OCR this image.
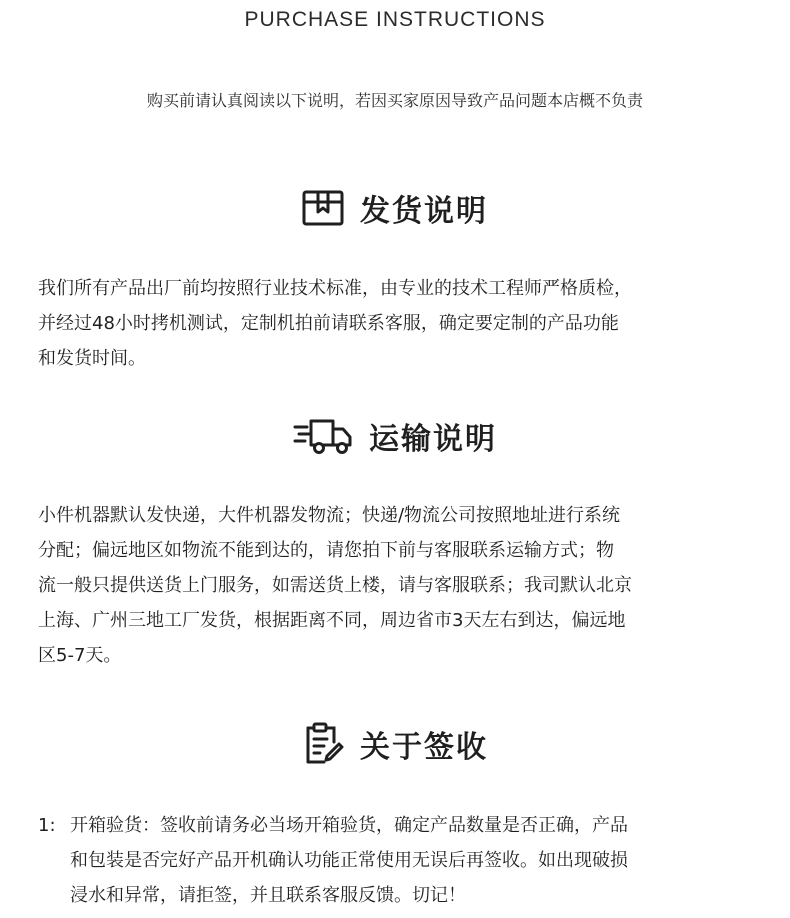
PURCHASE INSTRUCTIONS
购买前请认真阅读以下说明，若因买家原因导致产品问题本店概不负责
发货说明

我们所有产品出厂前均按照行业技术标准，由专业的技术工程师严格质检，

并经过48小时拷机测试，定制机拍前请联系客服，确定要定制的产品功能

和发货时间。

运输说明

小件机器默认发快递，大件机器发物流；快递/物流公司按照地址进行系统

分配；偏远地区如物流不能到达的，请您拍下前与客服联系运输方式；物

流一般只提供送货上门服务，如需送货上楼，请与客服联系；我司默认北京

上海、广州三地工厂发货，根据距离不同，周边省市3天左右到达，偏远地

区5-7天。

关于签收

1: 开箱验货：签收前请务必当场开箱验货，确定产品数量是否正确，产品

和包装是否完好产品开机确认功能正常使用无误后再签收。如出现破损

浸水和异常，请拒签，并且联系客服反馈。切记！
